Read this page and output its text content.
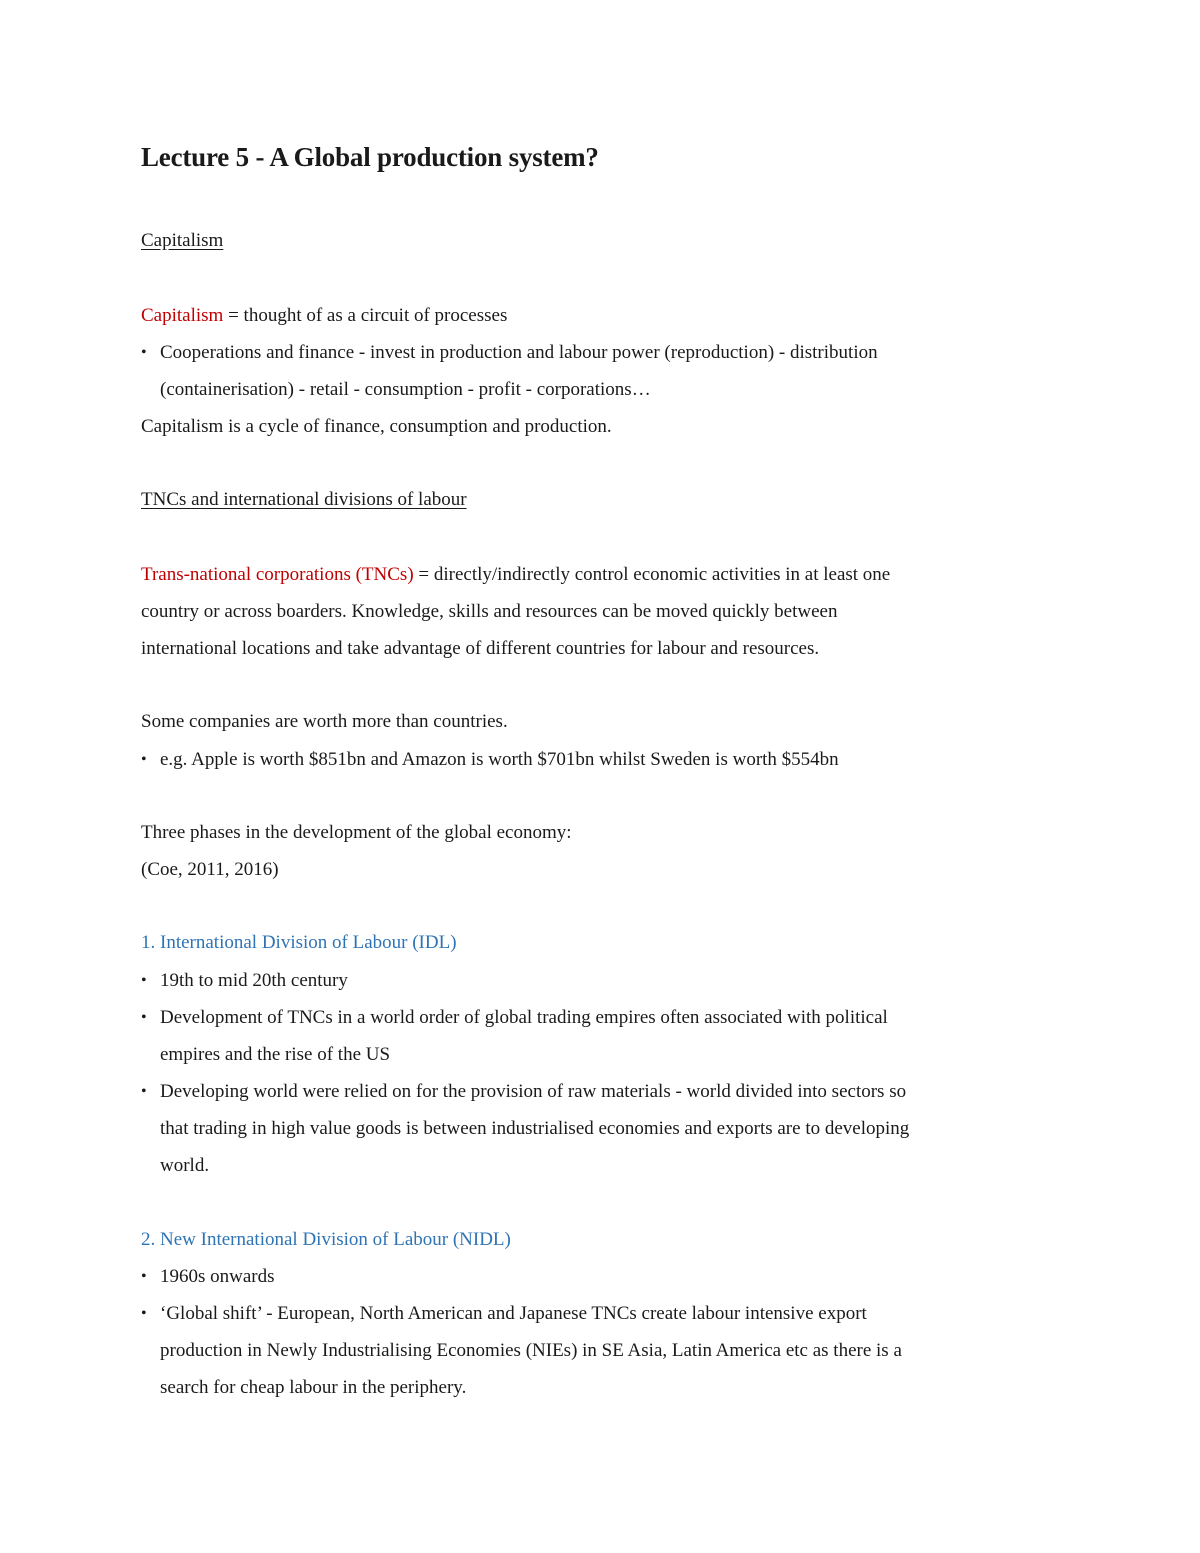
Lecture 5 - A Global production system?
Capitalism
Capitalism = thought of as a circuit of processes
• Cooperations and finance - invest in production and labour power (reproduction) - distribution
(containerisation) - retail - consumption - profit - corporations…
Capitalism is a cycle of finance, consumption and production.
TNCs and international divisions of labour
Trans-national corporations (TNCs) = directly/indirectly control economic activities in at least one
country or across boarders. Knowledge, skills and resources can be moved quickly between
international locations and take advantage of different countries for labour and resources.
Some companies are worth more than countries.
• e.g. Apple is worth $851bn and Amazon is worth $701bn whilst Sweden is worth $554bn
Three phases in the development of the global economy:
(Coe, 2011, 2016)
1. International Division of Labour (IDL)
• 19th to mid 20th century
• Development of TNCs in a world order of global trading empires often associated with political
empires and the rise of the US
• Developing world were relied on for the provision of raw materials - world divided into sectors so
that trading in high value goods is between industrialised economies and exports are to developing
world.
2. New International Division of Labour (NIDL)
• 1960s onwards
• ‘Global shift’ - European, North American and Japanese TNCs create labour intensive export
production in Newly Industrialising Economies (NIEs) in SE Asia, Latin America etc as there is a
search for cheap labour in the periphery.
